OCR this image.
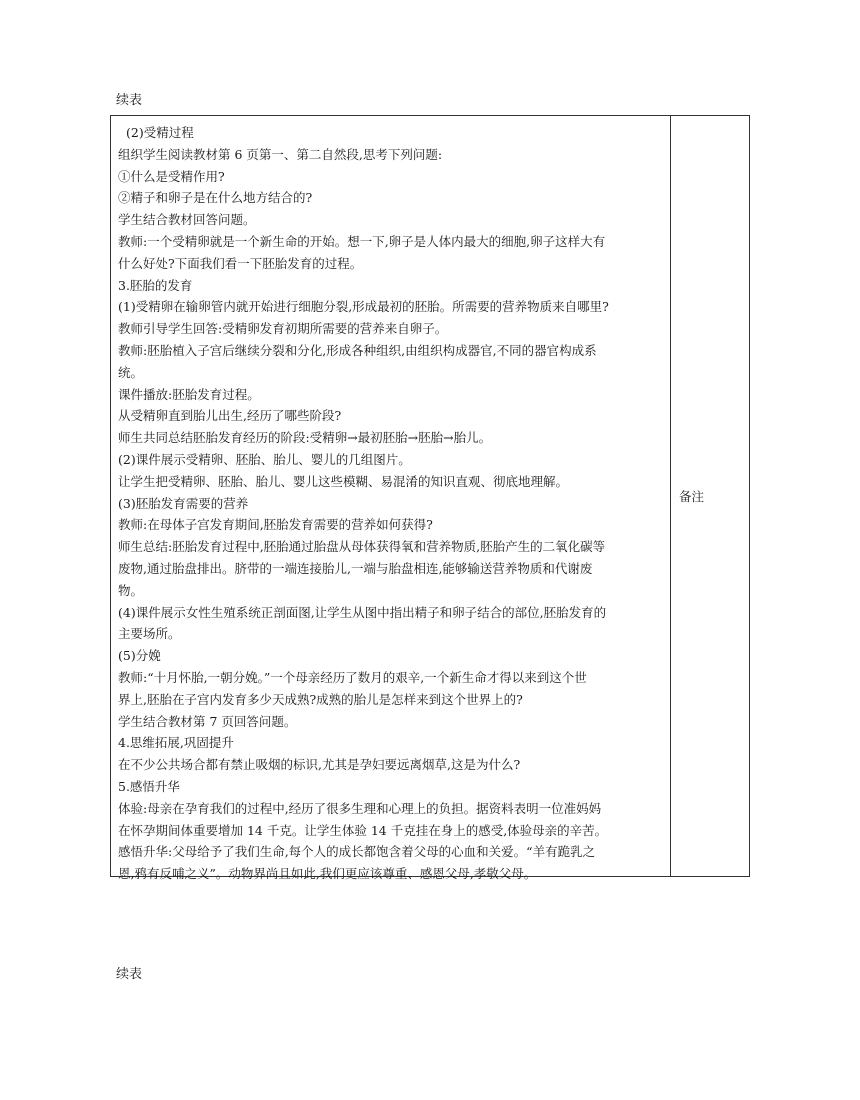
续表
(2)受精过程
组织学生阅读教材第 6 页第一、第二自然段,思考下列问题:
①什么是受精作用?
②精子和卵子是在什么地方结合的?
学生结合教材回答问题。
教师:一个受精卵就是一个新生命的开始。想一下,卵子是人体内最大的细胞,卵子这样大有
什么好处?下面我们看一下胚胎发育的过程。
3.胚胎的发育
(1)受精卵在输卵管内就开始进行细胞分裂,形成最初的胚胎。所需要的营养物质来自哪里?
教师引导学生回答:受精卵发育初期所需要的营养来自卵子。
教师:胚胎植入子宫后继续分裂和分化,形成各种组织,由组织构成器官,不同的器官构成系
统。
课件播放:胚胎发育过程。
从受精卵直到胎儿出生,经历了哪些阶段?
师生共同总结胚胎发育经历的阶段:受精卵→最初胚胎→胚胎→胎儿。
(2)课件展示受精卵、胚胎、胎儿、婴儿的几组图片。
让学生把受精卵、胚胎、胎儿、婴儿这些模糊、易混淆的知识直观、彻底地理解。
(3)胚胎发育需要的营养
教师:在母体子宫发育期间,胚胎发育需要的营养如何获得?
师生总结:胚胎发育过程中,胚胎通过胎盘从母体获得氧和营养物质,胚胎产生的二氧化碳等
废物,通过胎盘排出。脐带的一端连接胎儿,一端与胎盘相连,能够输送营养物质和代谢废
物。
(4)课件展示女性生殖系统正剖面图,让学生从图中指出精子和卵子结合的部位,胚胎发育的
主要场所。
(5)分娩
教师:“十月怀胎,一朝分娩。”一个母亲经历了数月的艰辛,一个新生命才得以来到这个世
界上,胚胎在子宫内发育多少天成熟?成熟的胎儿是怎样来到这个世界上的?
学生结合教材第 7 页回答问题。
4.思维拓展,巩固提升
在不少公共场合都有禁止吸烟的标识,尤其是孕妇要远离烟草,这是为什么?
5.感悟升华
体验:母亲在孕育我们的过程中,经历了很多生理和心理上的负担。据资料表明一位准妈妈
在怀孕期间体重要增加 14 千克。让学生体验 14 千克挂在身上的感受,体验母亲的辛苦。
感悟升华:父母给予了我们生命,每个人的成长都饱含着父母的心血和关爱。“羊有跪乳之
恩,鸦有反哺之义”。动物界尚且如此,我们更应该尊重、感恩父母,孝敬父母。
备注
续表
